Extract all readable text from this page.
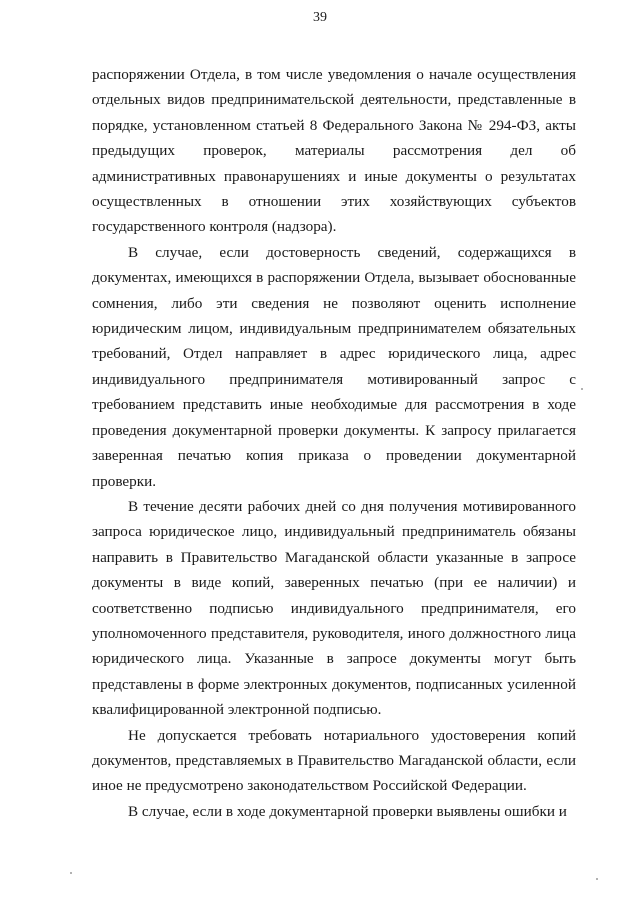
39

распоряжении Отдела, в том числе уведомления о начале осуществления отдельных видов предпринимательской деятельности, представленные в порядке, установленном статьей 8 Федерального Закона № 294-ФЗ, акты предыдущих проверок, материалы рассмотрения дел об административных правонарушениях и иные документы о результатах осуществленных в отношении этих хозяйствующих субъектов государственного контроля (надзора).

В случае, если достоверность сведений, содержащихся в документах, имеющихся в распоряжении Отдела, вызывает обоснованные сомнения, либо эти сведения не позволяют оценить исполнение юридическим лицом, индивидуальным предпринимателем обязательных требований, Отдел направляет в адрес юридического лица, адрес индивидуального предпринимателя мотивированный запрос с требованием представить иные необходимые для рассмотрения в ходе проведения документарной проверки документы. К запросу прилагается заверенная печатью копия приказа о проведении документарной проверки.

В течение десяти рабочих дней со дня получения мотивированного запроса юридическое лицо, индивидуальный предприниматель обязаны направить в Правительство Магаданской области указанные в запросе документы в виде копий, заверенных печатью (при ее наличии) и соответственно подписью индивидуального предпринимателя, его уполномоченного представителя, руководителя, иного должностного лица юридического лица. Указанные в запросе документы могут быть представлены в форме электронных документов, подписанных усиленной квалифицированной электронной подписью.

Не допускается требовать нотариального удостоверения копий документов, представляемых в Правительство Магаданской области, если иное не предусмотрено законодательством Российской Федерации.

В случае, если в ходе документарной проверки выявлены ошибки и
